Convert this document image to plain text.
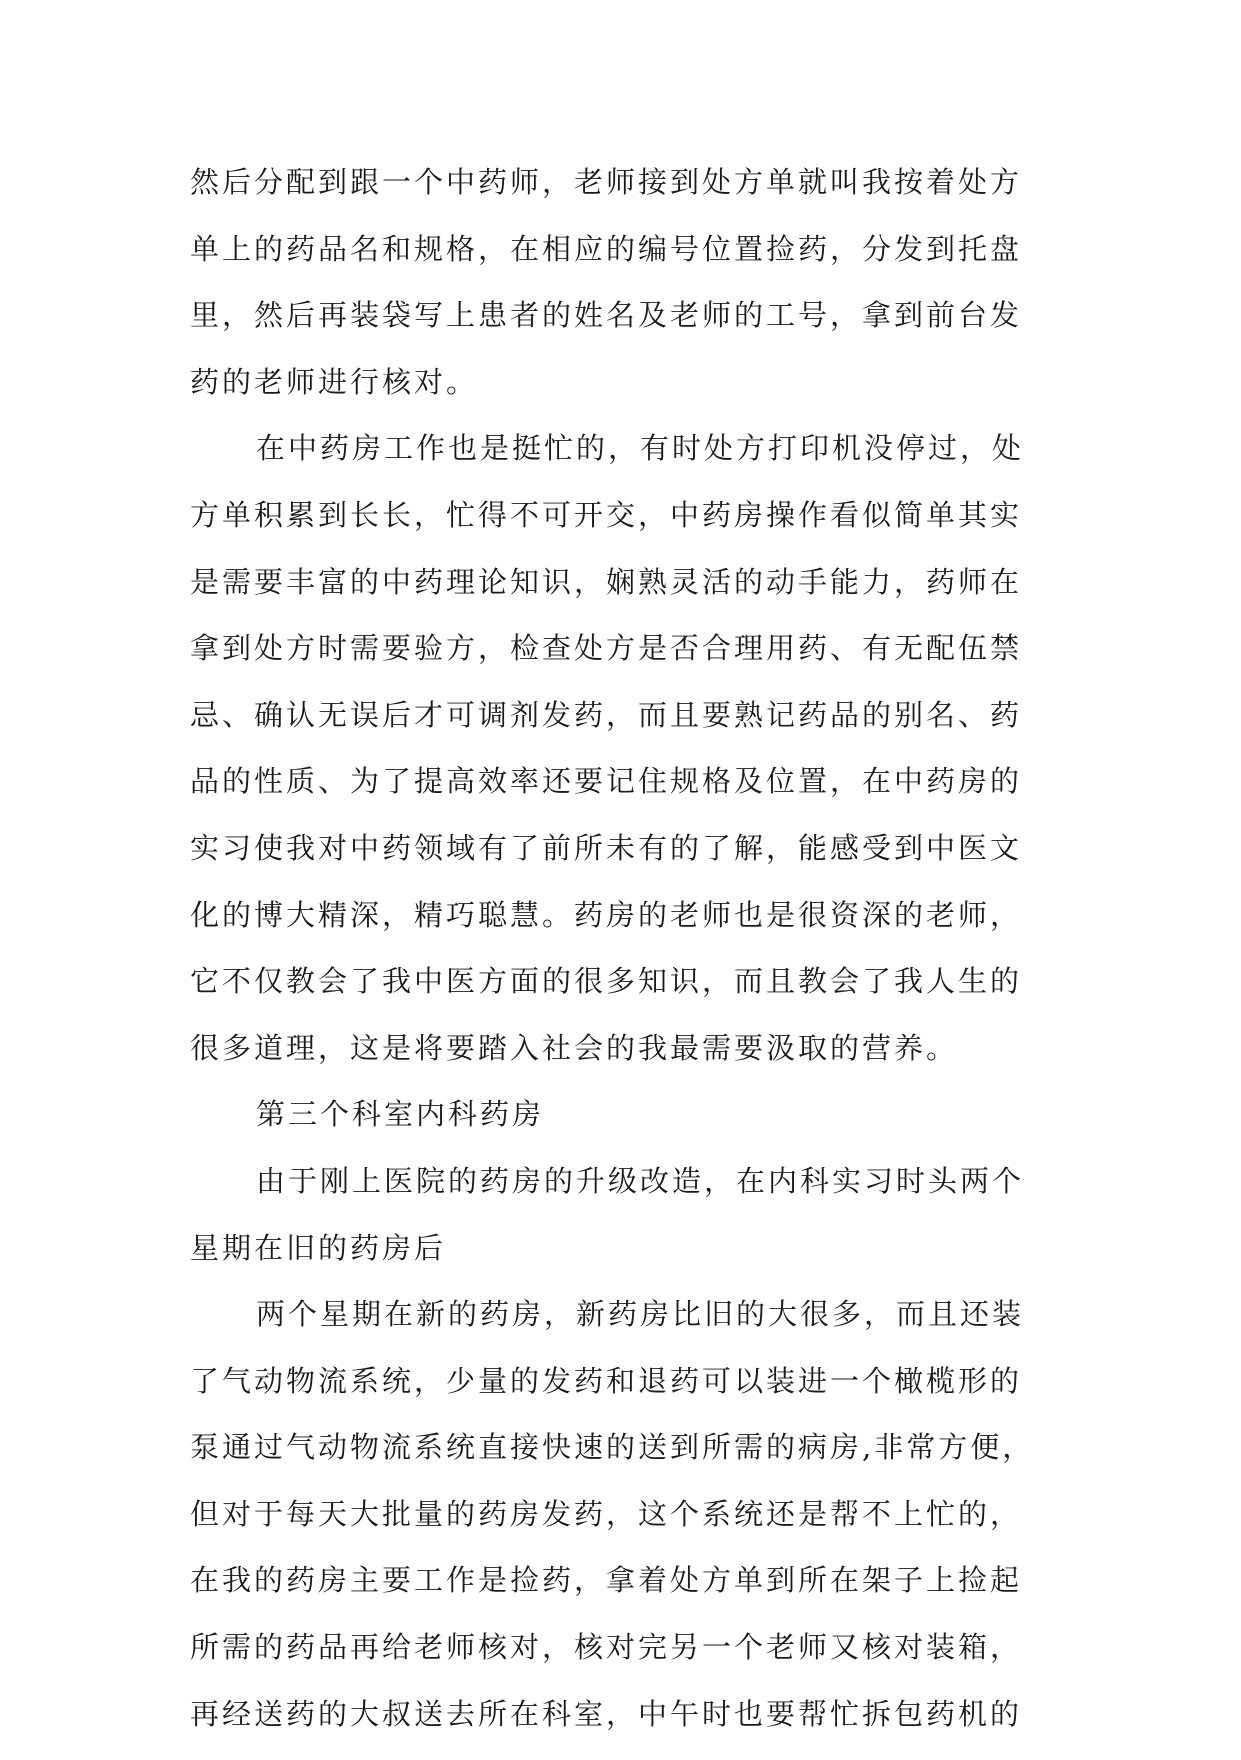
然后分配到跟一个中药师，老师接到处方单就叫我按着处方
单上的药品名和规格，在相应的编号位置捡药，分发到托盘
里，然后再装袋写上患者的姓名及老师的工号，拿到前台发
药的老师进行核对。
在中药房工作也是挺忙的，有时处方打印机没停过，处
方单积累到长长，忙得不可开交，中药房操作看似简单其实
是需要丰富的中药理论知识，娴熟灵活的动手能力，药师在
拿到处方时需要验方，检查处方是否合理用药、有无配伍禁
忌、确认无误后才可调剂发药，而且要熟记药品的别名、药
品的性质、为了提高效率还要记住规格及位置，在中药房的
实习使我对中药领域有了前所未有的了解，能感受到中医文
化的博大精深，精巧聪慧。药房的老师也是很资深的老师，
它不仅教会了我中医方面的很多知识，而且教会了我人生的
很多道理，这是将要踏入社会的我最需要汲取的营养。
第三个科室内科药房
由于刚上医院的药房的升级改造，在内科实习时头两个
星期在旧的药房后
两个星期在新的药房，新药房比旧的大很多，而且还装
了气动物流系统，少量的发药和退药可以装进一个橄榄形的
泵通过气动物流系统直接快速的送到所需的病房,非常方便，
但对于每天大批量的药房发药，这个系统还是帮不上忙的，
在我的药房主要工作是捡药，拿着处方单到所在架子上捡起
所需的药品再给老师核对，核对完另一个老师又核对装箱，
再经送药的大叔送去所在科室，中午时也要帮忙拆包药机的
